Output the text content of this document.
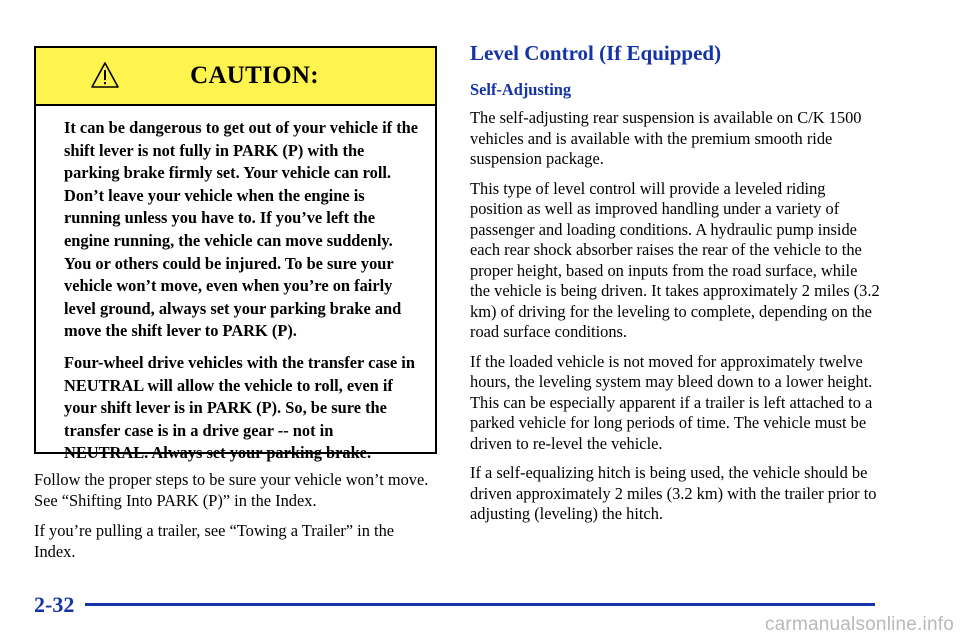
CAUTION:

It can be dangerous to get out of your vehicle if the shift lever is not fully in PARK (P) with the parking brake firmly set. Your vehicle can roll. Don’t leave your vehicle when the engine is running unless you have to. If you’ve left the engine running, the vehicle can move suddenly. You or others could be injured. To be sure your vehicle won’t move, even when you’re on fairly level ground, always set your parking brake and move the shift lever to PARK (P).

Four-wheel drive vehicles with the transfer case in NEUTRAL will allow the vehicle to roll, even if your shift lever is in PARK (P). So, be sure the transfer case is in a drive gear -- not in NEUTRAL. Always set your parking brake.

Follow the proper steps to be sure your vehicle won’t move. See “Shifting Into PARK (P)” in the Index.

If you’re pulling a trailer, see “Towing a Trailer” in the Index.

Level Control (If Equipped)
Self-Adjusting

The self-adjusting rear suspension is available on C/K 1500 vehicles and is available with the premium smooth ride suspension package.

This type of level control will provide a leveled riding position as well as improved handling under a variety of passenger and loading conditions. A hydraulic pump inside each rear shock absorber raises the rear of the vehicle to the proper height, based on inputs from the road surface, while the vehicle is being driven. It takes approximately 2 miles (3.2 km) of driving for the leveling to complete, depending on the road surface conditions.

If the loaded vehicle is not moved for approximately twelve hours, the leveling system may bleed down to a lower height. This can be especially apparent if a trailer is left attached to a parked vehicle for long periods of time. The vehicle must be driven to re-level the vehicle.

If a self-equalizing hitch is being used, the vehicle should be driven approximately 2 miles (3.2 km) with the trailer prior to adjusting (leveling) the hitch.

2-32
carmanualsonline.info
